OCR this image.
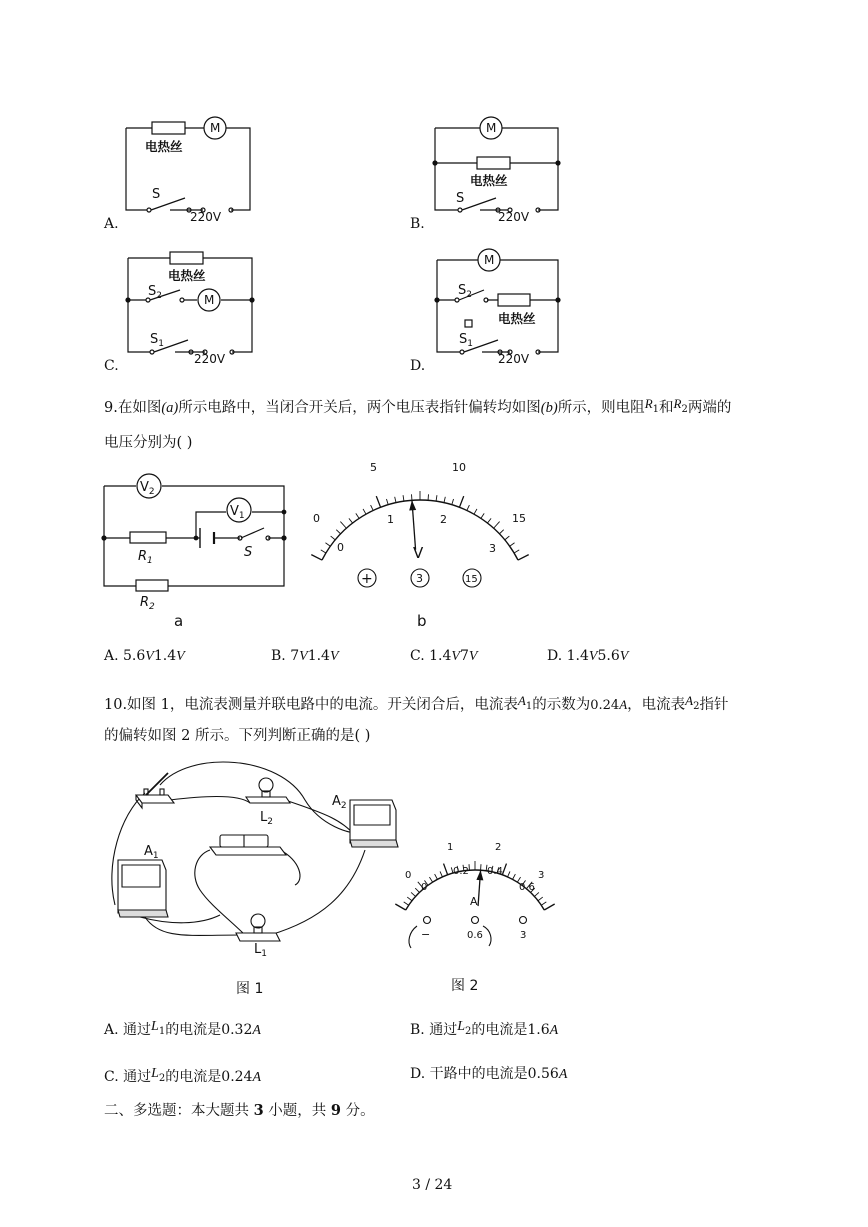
电热丝
M
S
220V
M
电热丝
S
220V
电热丝
M
$S_2$
$S_1$
220V
M
$S_2$
电热丝
$S_1$
220V
A.	B.
C.	D.
9.在如图(a)所示电路中，当闭合开关后，两个电压表指针偏转均如图(b)所示，则电阻R1和R2两端的
电压分别为( )
$V_2$
$V_1$
$R_1$
S
$R_2$
a
0
5	10
15
0
1	2
3
V
+	3	15
b
A. 5.6V1.4V	B. 7V1.4V	C. 1.4V7V	D. 1.4V5.6V
10.如图 1，电流表测量并联电路中的电流。开关闭合后，电流表A1的示数为0.24A，电流表A2指针
的偏转如图 2 所示。下列判断正确的是( )
$A_2$
$L_2$
$A_1$
$L_1$
图 1
0
1	2
3
0
0.2 0.4
0.6
A
−	0.6	3
图 2
A. 通过L1的电流是0.32A	B. 通过L2的电流是1.6A
C. 通过L2的电流是0.24A	D. 干路中的电流是0.56A
二、多选题：本大题共 3 小题，共 9 分。
3 / 24
